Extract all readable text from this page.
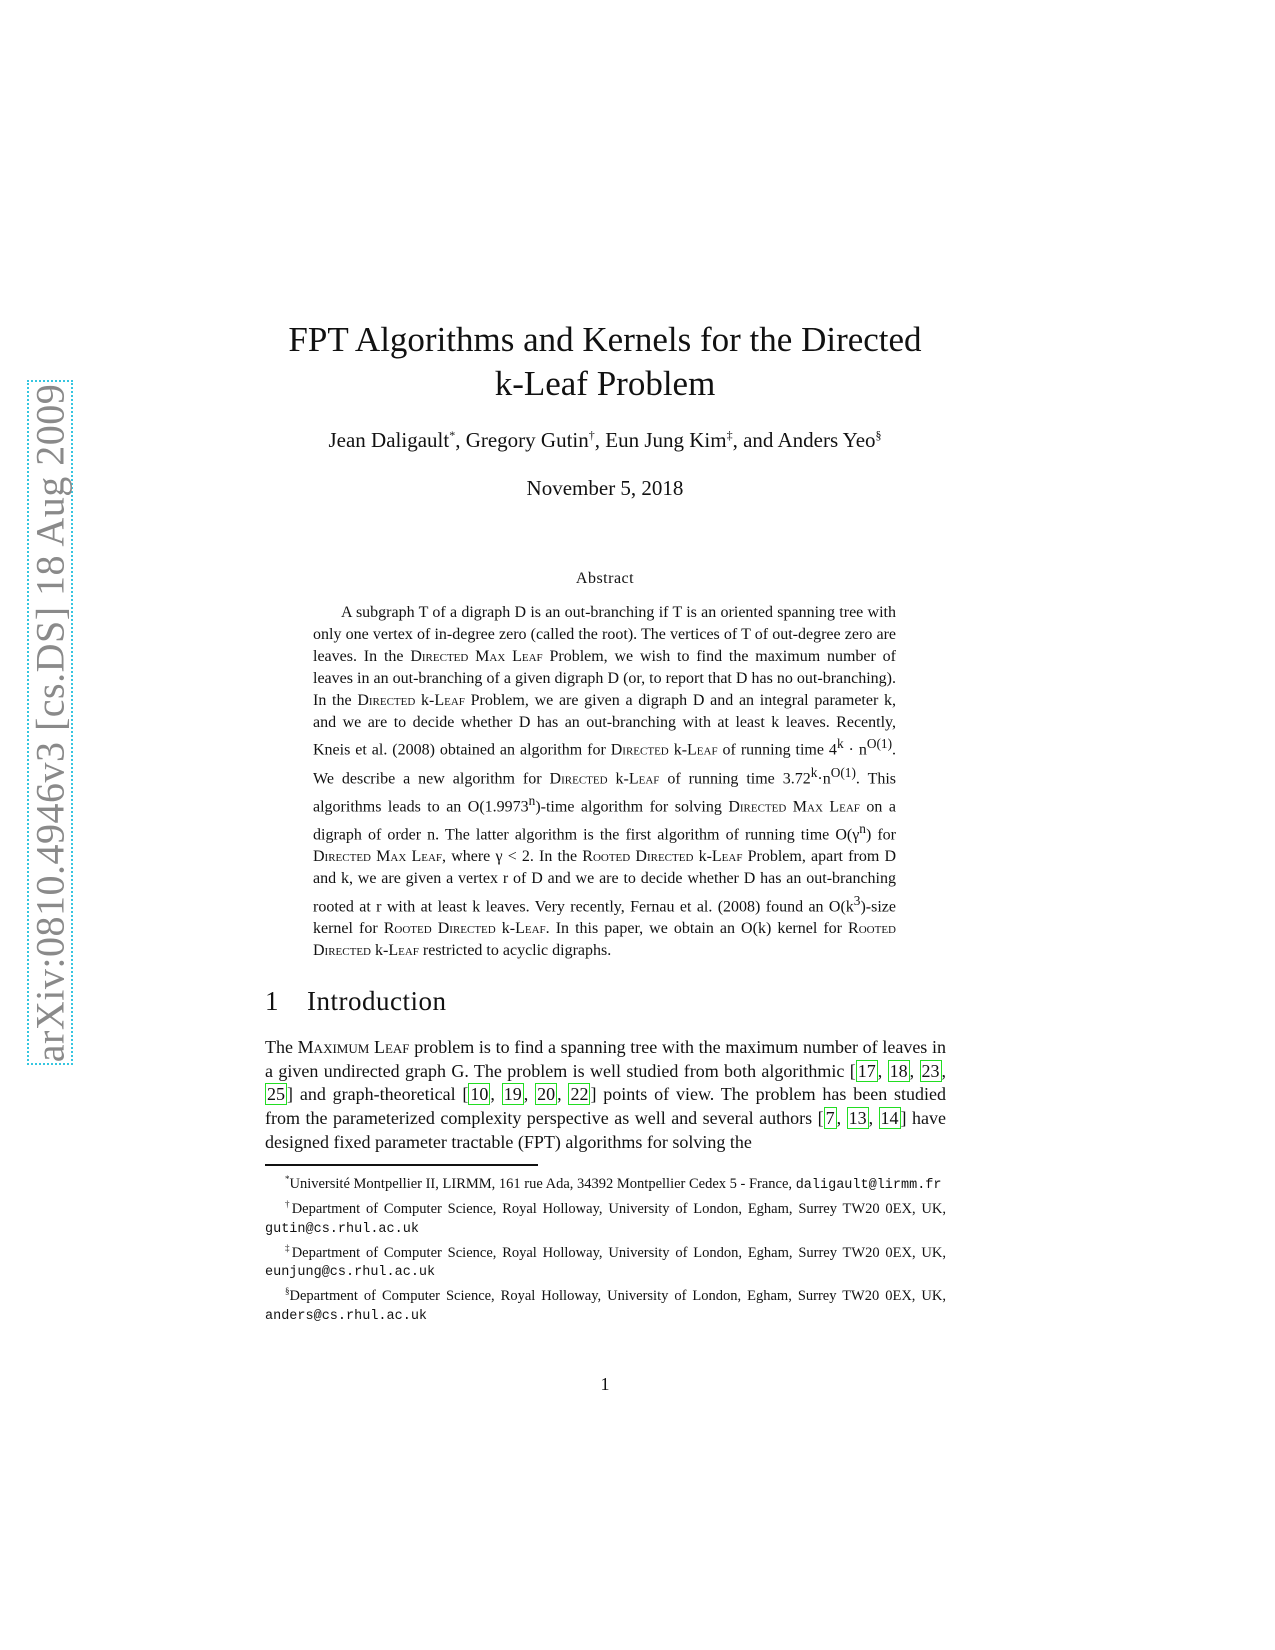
arXiv:0810.4946v3 [cs.DS] 18 Aug 2009
FPT Algorithms and Kernels for the Directed
k-Leaf Problem
Jean Daligault*, Gregory Gutin†, Eun Jung Kim‡, and Anders Yeo§
November 5, 2018
Abstract

A subgraph T of a digraph D is an out-branching if T is an oriented spanning tree with only one vertex of in-degree zero (called the root). The vertices of T of out-degree zero are leaves. In the Directed Max Leaf Problem, we wish to find the maximum number of leaves in an out-branching of a given digraph D (or, to report that D has no out-branching). In the Directed k-Leaf Problem, we are given a digraph D and an integral parameter k, and we are to decide whether D has an out-branching with at least k leaves. Recently, Kneis et al. (2008) obtained an algorithm for Directed k-Leaf of running time $4^k \cdot n^{O(1)}$. We describe a new algorithm for Directed k-Leaf of running time $3.72^k\cdot n^{O(1)}$. This algorithms leads to an O(1.9973$^n$)-time algorithm for solving Directed Max Leaf on a digraph of order n. The latter algorithm is the first algorithm of running time $O(\gamma^n)$ for Directed Max Leaf, where γ < 2. In the Rooted Directed k-Leaf Problem, apart from D and k, we are given a vertex r of D and we are to decide whether D has an out-branching rooted at r with at least k leaves. Very recently, Fernau et al. (2008) found an $O(k^3)$-size kernel for Rooted Directed k-Leaf. In this paper, we obtain an O(k) kernel for Rooted Directed k-Leaf restricted to acyclic digraphs.

1 Introduction

The Maximum Leaf problem is to find a spanning tree with the maximum number of leaves in a given undirected graph G. The problem is well studied from both algorithmic [ 17 , 18 , 23 , 25 ] and graph-theoretical [ 10 , 19 , 20 , 22 ] points of view. The problem has been studied from the parameterized complexity perspective as well and several authors [ 7 , 13 , 14 ] have designed fixed parameter tractable (FPT) algorithms for solving the

*Université Montpellier II, LIRMM, 161 rue Ada, 34392 Montpellier Cedex 5 - France, daligault@lirmm.fr

†Department of Computer Science, Royal Holloway, University of London, Egham, Surrey TW20 0EX, UK, gutin@cs.rhul.ac.uk

‡Department of Computer Science, Royal Holloway, University of London, Egham, Surrey TW20 0EX, UK, eunjung@cs.rhul.ac.uk

§Department of Computer Science, Royal Holloway, University of London, Egham, Surrey TW20 0EX, UK, anders@cs.rhul.ac.uk

1
